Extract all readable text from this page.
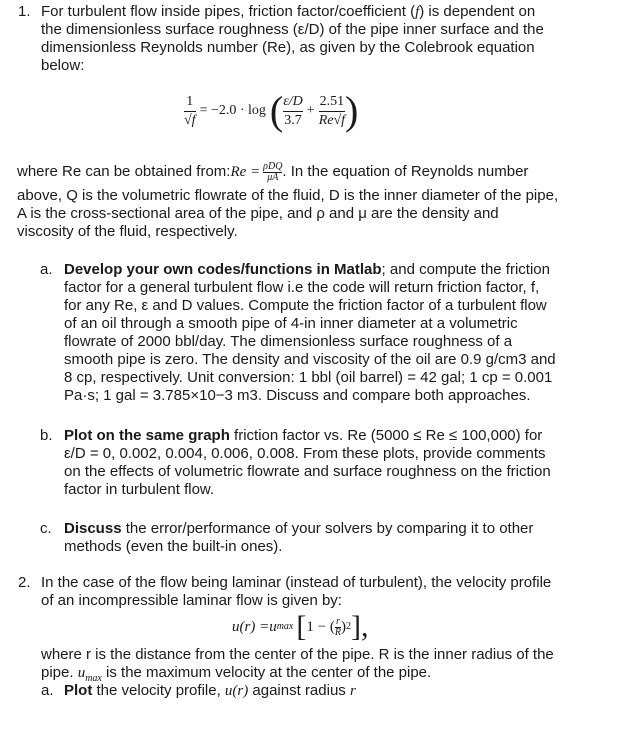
1. For turbulent flow inside pipes, friction factor/coefficient (f) is dependent on
the dimensionless surface roughness (ε/D) of the pipe inner surface and the
dimensionless Reynolds number (Re), as given by the Colebrook equation
below:
$\frac{1}{√f} = -2.0 \cdot \log$ ( $\frac{\varepsilon/D}{3.7} + \frac{2.51}{Re√f}$ )
where Re can be obtained from: $Re = \frac{\text{ρDQ}}{\mu A}$ . In the equation of Reynolds number
above, Q is the volumetric flowrate of the fluid, D is the inner diameter of the pipe,
A is the cross-sectional area of the pipe, and ρ and μ are the density and
viscosity of the fluid, respectively.
a. Develop your own codes/functions in Matlab; and compute the friction
factor for a general turbulent flow i.e the code will return friction factor, f,
for any Re, ε and D values. Compute the friction factor of a turbulent flow
of an oil through a smooth pipe of 4-in inner diameter at a volumetric
flowrate of 2000 bbl/day. The dimensionless surface roughness of a
smooth pipe is zero. The density and viscosity of the oil are 0.9 g/cm3 and
8 cp, respectively. Unit conversion: 1 bbl (oil barrel) = 42 gal; 1 cp = 0.001
Pa·s; 1 gal = 3.785×10−3 m3. Discuss and compare both approaches.
b. Plot on the same graph friction factor vs. Re (5000 ≤ Re ≤ 100,000) for
ε/D = 0, 0.002, 0.004, 0.006, 0.008. From these plots, provide comments
on the effects of volumetric flowrate and surface roughness on the friction
factor in turbulent flow.
c. Discuss the error/performance of your solvers by comparing it to other
methods (even the built-in ones).
2. In the case of the flow being laminar (instead of turbulent), the velocity profile
of an incompressible laminar flow is given by:
u(r) = u max [ 1 − ( $\frac{r}{R}$ ) 2 ],
where r is the distance from the center of the pipe. R is the inner radius of the
pipe. $u_{max}$ is the maximum velocity at the center of the pipe.
a. Plot the velocity profile, u(r) against radius r
